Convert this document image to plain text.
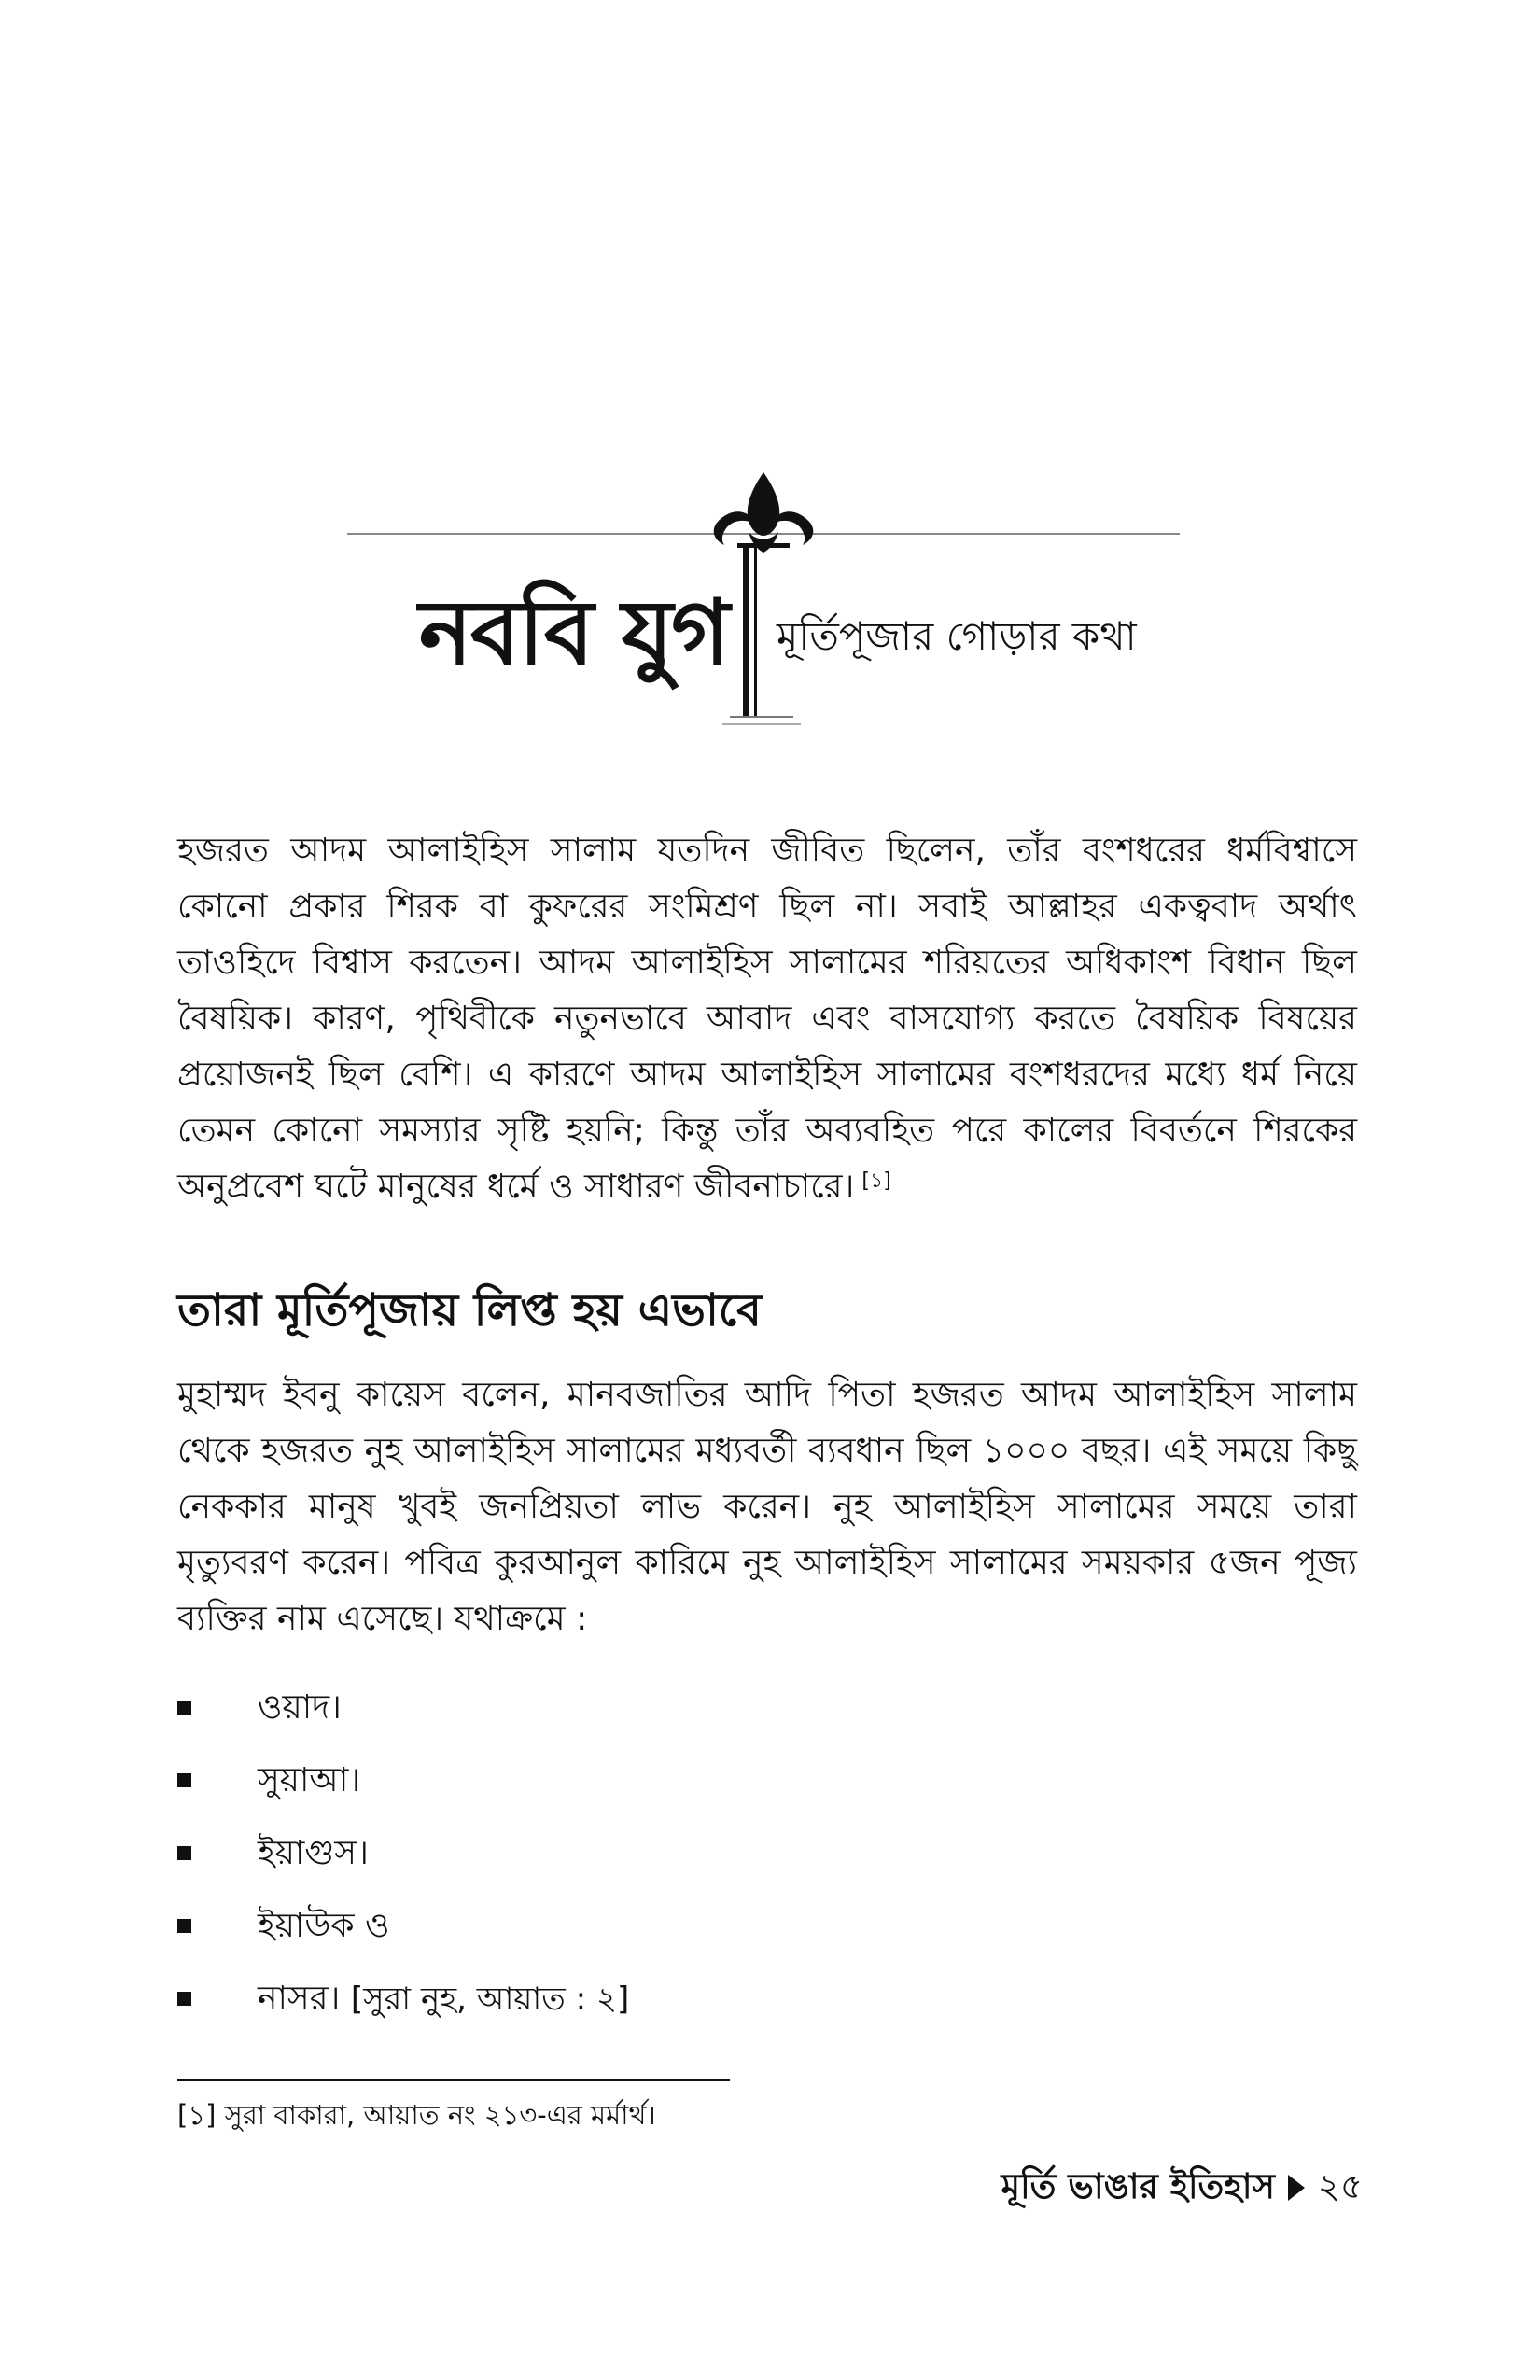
নববি যুগ মূর্তিপূজার গোড়ার কথা

হজরত আদম আলাইহিস সালাম যতদিন জীবিত ছিলেন, তাঁর বংশধরের ধর্মবিশ্বাসে কোনো প্রকার শিরক বা কুফরের সংমিশ্রণ ছিল না। সবাই আল্লাহর একত্ববাদ অর্থাৎ তাওহিদে বিশ্বাস করতেন। আদম আলাইহিস সালামের শরিয়তের অধিকাংশ বিধান ছিল বৈষয়িক। কারণ, পৃথিবীকে নতুনভাবে আবাদ এবং বাসযোগ্য করতে বৈষয়িক বিষয়ের প্রয়োজনই ছিল বেশি। এ কারণে আদম আলাইহিস সালামের বংশধরদের মধ্যে ধর্ম নিয়ে তেমন কোনো সমস্যার সৃষ্টি হয়নি; কিন্তু তাঁর অব্যবহিত পরে কালের বিবর্তনে শিরকের অনুপ্রবেশ ঘটে মানুষের ধর্মে ও সাধারণ জীবনাচারে। [১]

তারা মূর্তিপূজায় লিপ্ত হয় এভাবে

মুহাম্মদ ইবনু কায়েস বলেন, মানবজাতির আদি পিতা হজরত আদম আলাইহিস সালাম থেকে হজরত নুহ আলাইহিস সালামের মধ্যবর্তী ব্যবধান ছিল ১০০০ বছর। এই সময়ে কিছু নেককার মানুষ খুবই জনপ্রিয়তা লাভ করেন। নুহ আলাইহিস সালামের সময়ে তারা মৃত্যুবরণ করেন। পবিত্র কুরআনুল কারিমে নুহ আলাইহিস সালামের সময়কার ৫জন পূজ্য ব্যক্তির নাম এসেছে। যথাক্রমে :

ওয়াদ।
সুয়াআ।
ইয়াগুস।
ইয়াউক ও
নাসর। [সুরা নুহ, আয়াত : ২]
[১] সুরা বাকারা, আয়াত নং ২১৩-এর মর্মার্থ।
মূর্তি ভাঙার ইতিহাস ২৫
